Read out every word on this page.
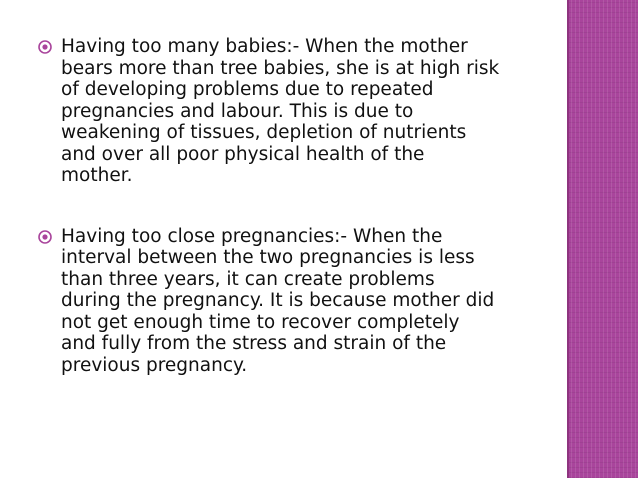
Having too many babies:- When the mother
bears more than tree babies, she is at high risk
of developing problems due to repeated
pregnancies and labour. This is due to
weakening of tissues, depletion of nutrients
and over all poor physical health of the
mother.
Having too close pregnancies:- When the
interval between the two pregnancies is less
than three years, it can create problems
during the pregnancy. It is because mother did
not get enough time to recover completely
and fully from the stress and strain of the
previous pregnancy.
